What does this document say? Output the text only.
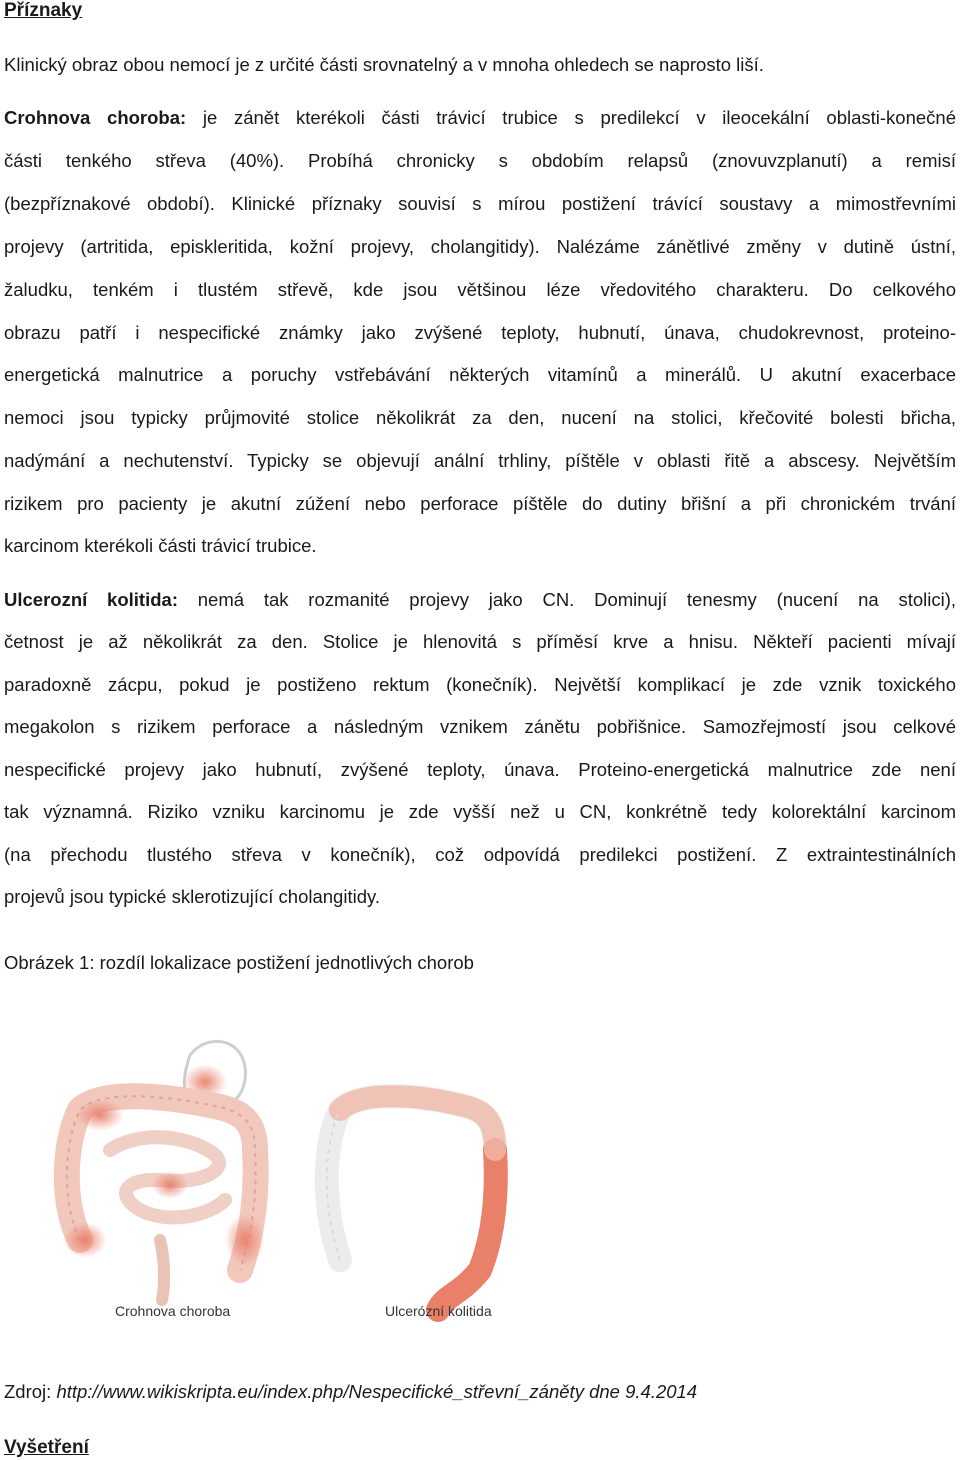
Příznaky
Klinický obraz obou nemocí je z určité části srovnatelný a v mnoha ohledech se naprosto liší.
Crohnova choroba: je zánět kterékoli části trávicí trubice s predilekcí v ileocekální oblasti-konečné
části tenkého střeva (40%). Probíhá chronicky s obdobím relapsů (znovuvzplanutí) a remisí
(bezpříznakové období). Klinické příznaky souvisí s mírou postižení trávící soustavy a mimostřevními
projevy (artritida, episkleritida, kožní projevy, cholangitidy). Nalézáme zánětlivé změny v dutině ústní,
žaludku, tenkém i tlustém střevě, kde jsou většinou léze vředovitého charakteru. Do celkového
obrazu patří i nespecifické známky jako zvýšené teploty, hubnutí, únava, chudokrevnost, proteino-
energetická malnutrice a poruchy vstřebávání některých vitamínů a minerálů. U akutní exacerbace
nemoci jsou typicky průjmovité stolice několikrát za den, nucení na stolici, křečovité bolesti břicha,
nadýmání a nechutenství. Typicky se objevují anální trhliny, píštěle v oblasti řitě a abscesy. Největším
rizikem pro pacienty je akutní zúžení nebo perforace píštěle do dutiny břišní a při chronickém trvání
karcinom kterékoli části trávicí trubice.
Ulcerozní kolitida: nemá tak rozmanité projevy jako CN. Dominují tenesmy (nucení na stolici),
četnost je až několikrát za den. Stolice je hlenovitá s příměsí krve a hnisu. Někteří pacienti mívají
paradoxně zácpu, pokud je postiženo rektum (konečník). Největší komplikací je zde vznik toxického
megakolon s rizikem perforace a následným vznikem zánětu pobřišnice. Samozřejmostí jsou celkové
nespecifické projevy jako hubnutí, zvýšené teploty, únava. Proteino-energetická malnutrice zde není
tak významná. Riziko vzniku karcinomu je zde vyšší než u CN, konkrétně tedy kolorektální karcinom
(na přechodu tlustého střeva v konečník), což odpovídá predilekci postižení. Z extraintestinálních
projevů jsou typické sklerotizující cholangitidy.
Obrázek 1: rozdíl lokalizace postižení jednotlivých chorob
Crohnova choroba	Ulcerózní kolitida
Zdroj: http://www.wikiskripta.eu/index.php/Nespecifické_střevní_záněty dne 9.4.2014
Vyšetření
